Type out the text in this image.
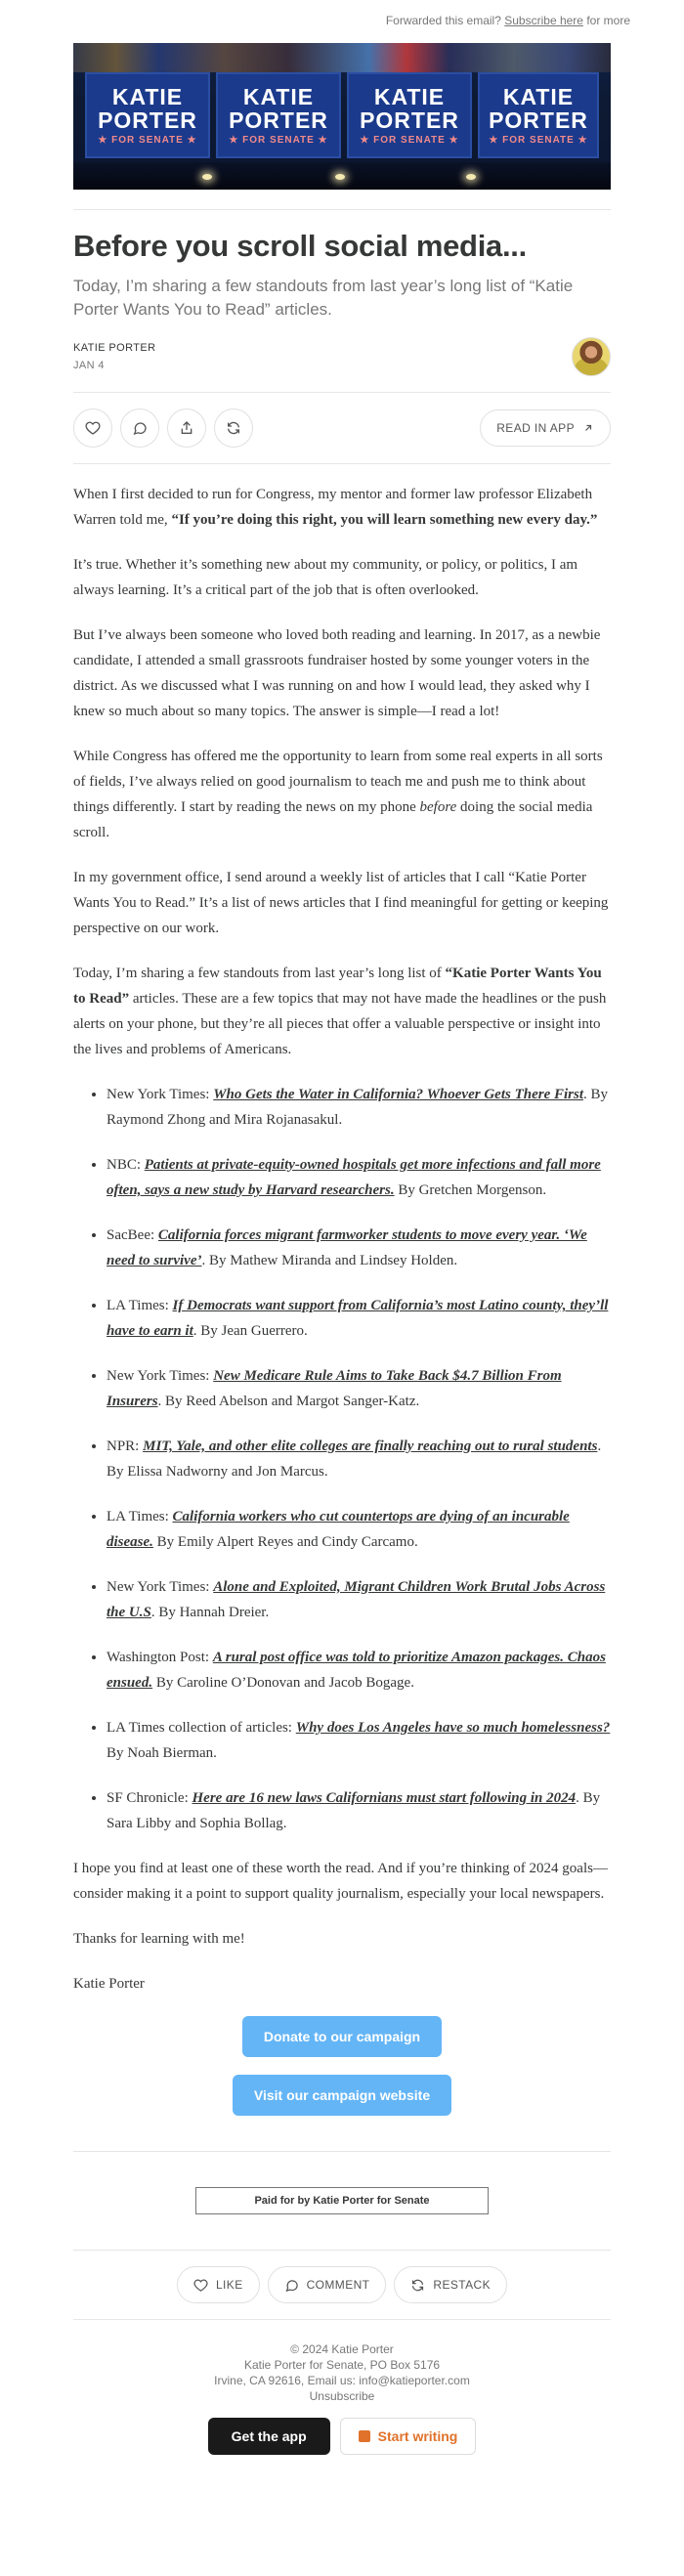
Forwarded this email? Subscribe here for more
KATIE
PORTER
★ FOR SENATE ★
KATIE
PORTER
★ FOR SENATE ★
KATIE
PORTER
★ FOR SENATE ★
KATIE
PORTER
★ FOR SENATE ★
Before you scroll social media...
Today, I’m sharing a few standouts from last year’s long list of “Katie Porter Wants You to Read” articles.
KATIE PORTER
JAN 4
READ IN APP

When I first decided to run for Congress, my mentor and former law professor Elizabeth Warren told me, “If you’re doing this right, you will learn something new every day.”

It’s true. Whether it’s something new about my community, or policy, or politics, I am always learning. It’s a critical part of the job that is often overlooked.

But I’ve always been someone who loved both reading and learning. In 2017, as a newbie candidate, I attended a small grassroots fundraiser hosted by some younger voters in the district. As we discussed what I was running on and how I would lead, they asked why I knew so much about so many topics. The answer is simple—I read a lot!

While Congress has offered me the opportunity to learn from some real experts in all sorts of fields, I’ve always relied on good journalism to teach me and push me to think about things differently. I start by reading the news on my phone before doing the social media scroll.

In my government office, I send around a weekly list of articles that I call “Katie Porter Wants You to Read.” It’s a list of news articles that I find meaningful for getting or keeping perspective on our work.

Today, I’m sharing a few standouts from last year’s long list of “Katie Porter Wants You to Read” articles. These are a few topics that may not have made the headlines or the push alerts on your phone, but they’re all pieces that offer a valuable perspective or insight into the lives and problems of Americans.

• New York Times: Who Gets the Water in California? Whoever Gets There First. By Raymond Zhong and Mira Rojanasakul.
• NBC: Patients at private-equity-owned hospitals get more infections and fall more often, says a new study by Harvard researchers. By Gretchen Morgenson.
• SacBee: California forces migrant farmworker students to move every year. ‘We need to survive’. By Mathew Miranda and Lindsey Holden.
• LA Times: If Democrats want support from California’s most Latino county, they’ll have to earn it. By Jean Guerrero.
• New York Times: New Medicare Rule Aims to Take Back $4.7 Billion From Insurers. By Reed Abelson and Margot Sanger-Katz.
• NPR: MIT, Yale, and other elite colleges are finally reaching out to rural students. By Elissa Nadworny and Jon Marcus.
• LA Times: California workers who cut countertops are dying of an incurable disease. By Emily Alpert Reyes and Cindy Carcamo.
• New York Times: Alone and Exploited, Migrant Children Work Brutal Jobs Across the U.S. By Hannah Dreier.
• Washington Post: A rural post office was told to prioritize Amazon packages. Chaos ensued. By Caroline O’Donovan and Jacob Bogage.
• LA Times collection of articles: Why does Los Angeles have so much homelessness? By Noah Bierman.
• SF Chronicle: Here are 16 new laws Californians must start following in 2024. By Sara Libby and Sophia Bollag.

I hope you find at least one of these worth the read. And if you’re thinking of 2024 goals—consider making it a point to support quality journalism, especially your local newspapers.

Thanks for learning with me!

Katie Porter

Donate to our campaign
Visit our campaign website
Paid for by Katie Porter for Senate
LIKE	COMMENT	RESTACK
© 2024 Katie Porter
Katie Porter for Senate, PO Box 5176
Irvine, CA 92616, Email us: info@katieporter.com
Unsubscribe
Get the app	Start writing
